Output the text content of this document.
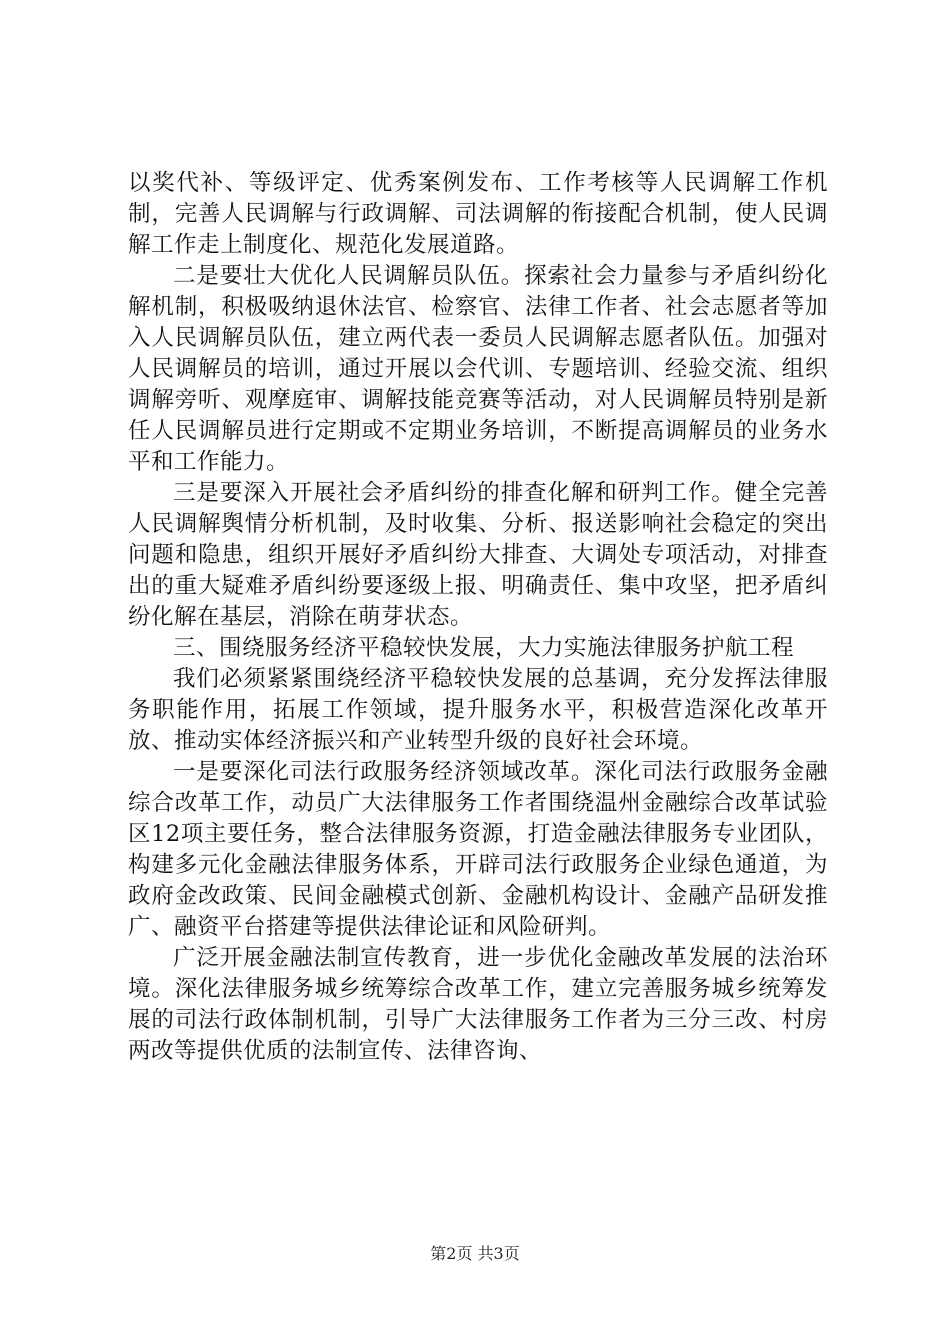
以奖代补、等级评定、优秀案例发布、工作考核等人民调解工作机制，完善人民调解与行政调解、司法调解的衔接配合机制，使人民调解工作走上制度化、规范化发展道路。

二是要壮大优化人民调解员队伍。探索社会力量参与矛盾纠纷化解机制，积极吸纳退休法官、检察官、法律工作者、社会志愿者等加入人民调解员队伍，建立两代表一委员人民调解志愿者队伍。加强对人民调解员的培训，通过开展以会代训、专题培训、经验交流、组织调解旁听、观摩庭审、调解技能竞赛等活动，对人民调解员特别是新任人民调解员进行定期或不定期业务培训，不断提高调解员的业务水平和工作能力。

三是要深入开展社会矛盾纠纷的排查化解和研判工作。健全完善人民调解舆情分析机制，及时收集、分析、报送影响社会稳定的突出问题和隐患，组织开展好矛盾纠纷大排查、大调处专项活动，对排查出的重大疑难矛盾纠纷要逐级上报、明确责任、集中攻坚，把矛盾纠纷化解在基层，消除在萌芽状态。

三、围绕服务经济平稳较快发展，大力实施法律服务护航工程

我们必须紧紧围绕经济平稳较快发展的总基调，充分发挥法律服务职能作用，拓展工作领域，提升服务水平，积极营造深化改革开放、推动实体经济振兴和产业转型升级的良好社会环境。

一是要深化司法行政服务经济领域改革。深化司法行政服务金融综合改革工作，动员广大法律服务工作者围绕温州金融综合改革试验区12项主要任务，整合法律服务资源，打造金融法律服务专业团队，构建多元化金融法律服务体系，开辟司法行政服务企业绿色通道，为政府金改政策、民间金融模式创新、金融机构设计、金融产品研发推广、融资平台搭建等提供法律论证和风险研判。

广泛开展金融法制宣传教育，进一步优化金融改革发展的法治环境。深化法律服务城乡统筹综合改革工作，建立完善服务城乡统筹发展的司法行政体制机制，引导广大法律服务工作者为三分三改、村房两改等提供优质的法制宣传、法律咨询、

第2页 共3页
